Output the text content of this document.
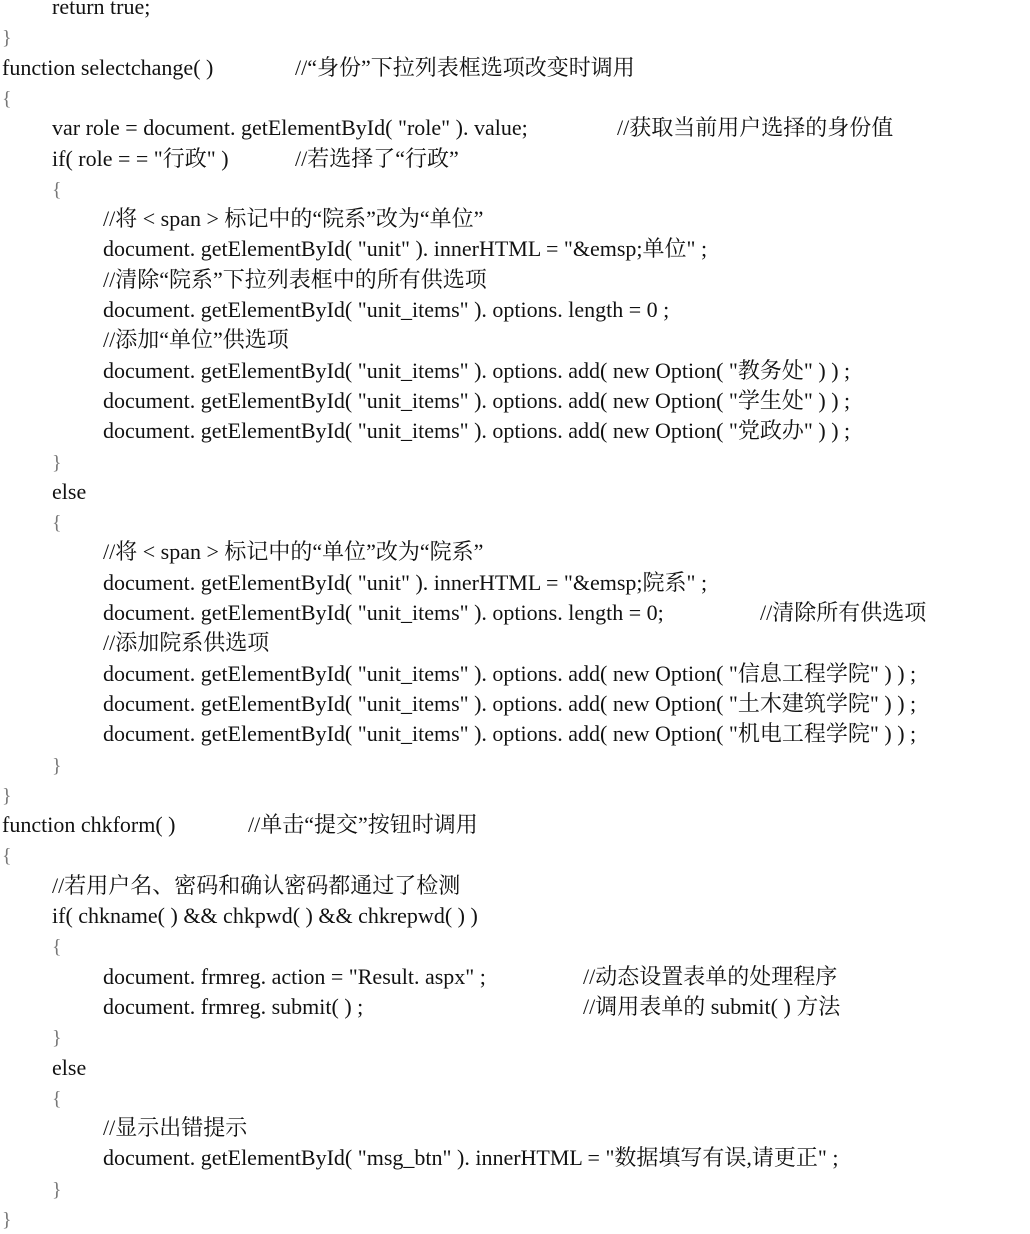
return true;
}
function selectchange( )	//“身份”下拉列表框选项改变时调用
{
var role = document. getElementById( "role" ). value;	//获取当前用户选择的身份值
if( role = = "行政" )	//若选择了“行政”
{
//将 < span > 标记中的“院系”改为“单位”
document. getElementById( "unit" ). innerHTML = "&emsp;单位" ;
//清除“院系”下拉列表框中的所有供选项
document. getElementById( "unit_items" ). options. length = 0 ;
//添加“单位”供选项
document. getElementById( "unit_items" ). options. add( new Option( "教务处" ) ) ;
document. getElementById( "unit_items" ). options. add( new Option( "学生处" ) ) ;
document. getElementById( "unit_items" ). options. add( new Option( "党政办" ) ) ;
}
else
{
//将 < span > 标记中的“单位”改为“院系”
document. getElementById( "unit" ). innerHTML = "&emsp;院系" ;
document. getElementById( "unit_items" ). options. length = 0;	//清除所有供选项
//添加院系供选项
document. getElementById( "unit_items" ). options. add( new Option( "信息工程学院" ) ) ;
document. getElementById( "unit_items" ). options. add( new Option( "土木建筑学院" ) ) ;
document. getElementById( "unit_items" ). options. add( new Option( "机电工程学院" ) ) ;
}
}
function chkform( )	//单击“提交”按钮时调用
{
//若用户名、密码和确认密码都通过了检测
if( chkname( ) && chkpwd( ) && chkrepwd( ) )
{
document. frmreg. action = "Result. aspx" ;	//动态设置表单的处理程序
document. frmreg. submit( ) ;	//调用表单的 submit( ) 方法
}
else
{
//显示出错提示
document. getElementById( "msg_btn" ). innerHTML = "数据填写有误,请更正" ;
}
}
